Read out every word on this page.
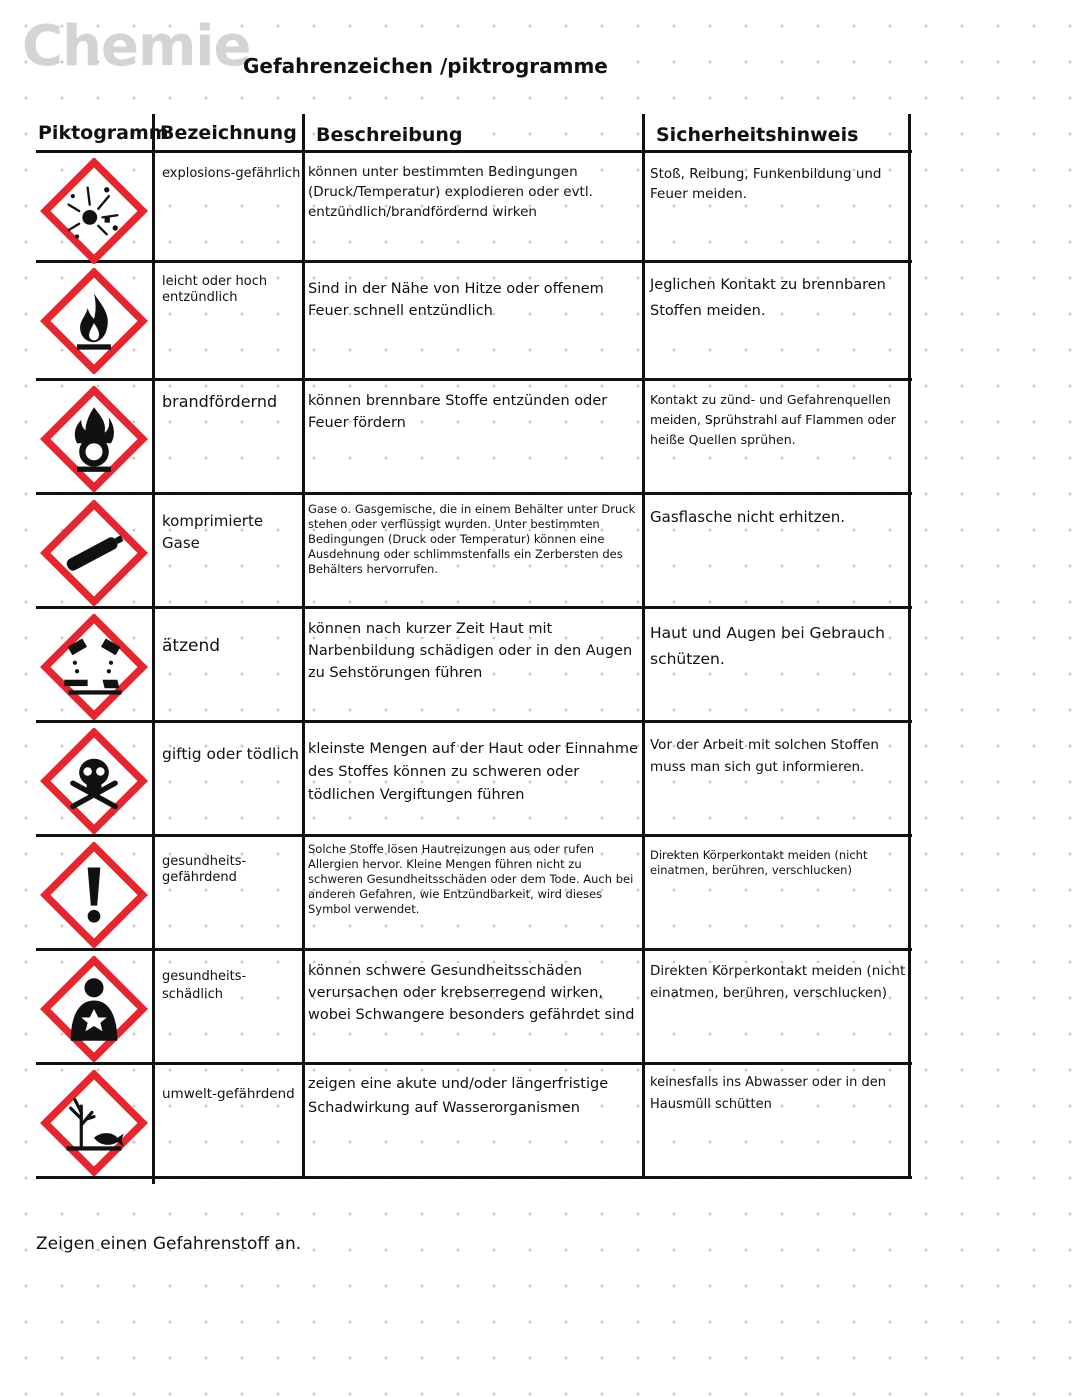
Chemie
Gefahrenzeichen /piktrogramme
Piktogramm
Bezeichnung Beschreibung	Sicherheitshinweis
explosions-gefährlich können unter bestimmten Bedingungen (Druck/Temperatur) explodieren oder evtl. entzündlich/brandfördernd wirken
Stoß, Reibung, Funkenbildung und Feuer meiden.
leicht oder hoch entzündlich
Sind in der Nähe von Hitze oder offenem Feuer schnell entzündlich
Jeglichen Kontakt zu brennbaren Stoffen meiden.
brandfördernd	können brennbare Stoffe entzünden oder Feuer fördern
Kontakt zu zünd- und Gefahrenquellen meiden, Sprühstrahl auf Flammen oder heiße Quellen sprühen.
komprimierte Gase
Gase o. Gasgemische, die in einem Behälter unter Druck stehen oder verflüssigt wurden. Unter bestimmten Bedingungen (Druck oder Temperatur) können eine Ausdehnung oder schlimmstenfalls ein Zerbersten des Behälters hervorrufen.
Gasflasche nicht erhitzen.
ätzend
können nach kurzer Zeit Haut mit Narbenbildung schädigen oder in den Augen zu Sehstörungen führen
Haut und Augen bei Gebrauch schützen.
giftig oder tödlich kleinste Mengen auf der Haut oder Einnahme des Stoffes können zu schweren oder tödlichen Vergiftungen führen
Vor der Arbeit mit solchen Stoffen muss man sich gut informieren.
gesundheits-gefährdend
Solche Stoffe lösen Hautreizungen aus oder rufen Allergien hervor. Kleine Mengen führen nicht zu schweren Gesundheitsschäden oder dem Tode. Auch bei anderen Gefahren, wie Entzündbarkeit, wird dieses Symbol verwendet.
Direkten Körperkontakt meiden (nicht einatmen, berühren, verschlucken)
gesundheits-schädlich
können schwere Gesundheitsschäden verursachen oder krebserregend wirken, wobei Schwangere besonders gefährdet sind
Direkten Körperkontakt meiden (nicht einatmen, berühren, verschlucken)
umwelt-gefährdend
zeigen eine akute und/oder längerfristige Schadwirkung auf Wasserorganismen
keinesfalls ins Abwasser oder in den Hausmüll schütten
Zeigen einen Gefahrenstoff an.
